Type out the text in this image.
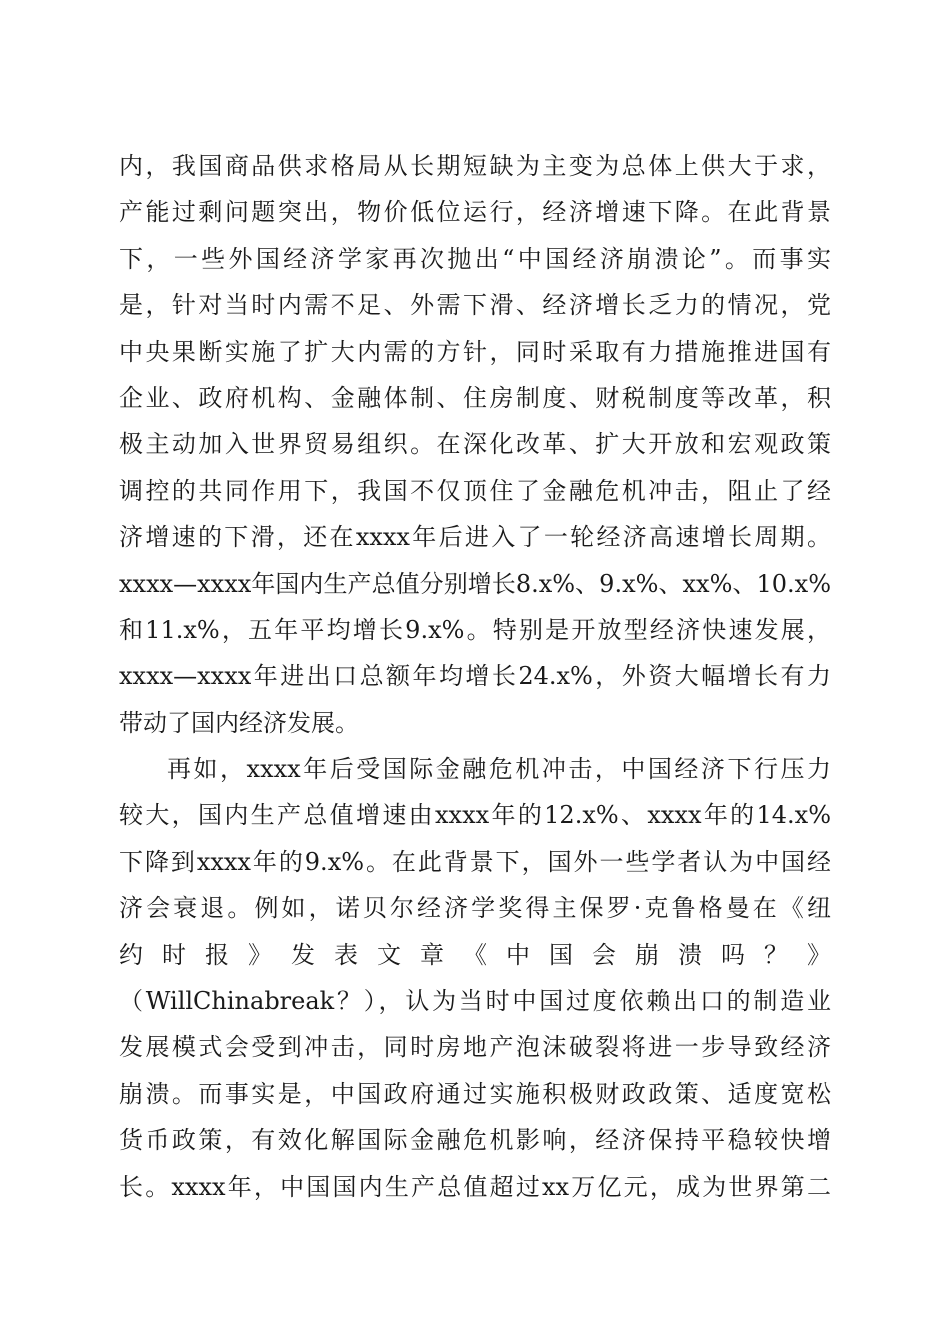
内，我国商品供求格局从长期短缺为主变为总体上供大于求，
产能过剩问题突出，物价低位运行，经济增速下降。在此背景
下，一些外国经济学家再次抛出“中国经济崩溃论”。而事实
是，针对当时内需不足、外需下滑、经济增长乏力的情况，党
中央果断实施了扩大内需的方针，同时采取有力措施推进国有
企业、政府机构、金融体制、住房制度、财税制度等改革，积
极主动加入世界贸易组织。在深化改革、扩大开放和宏观政策
调控的共同作用下，我国不仅顶住了金融危机冲击，阻止了经
济增速的下滑，还在xxxx年后进入了一轮经济高速增长周期。
xxxx—xxxx年国内生产总值分别增长8.x%、9.x%、xx%、10.x%
和11.x%，五年平均增长9.x%。特别是开放型经济快速发展，
xxxx—xxxx年进出口总额年均增长24.x%，外资大幅增长有力
带动了国内经济发展。
再如，xxxx年后受国际金融危机冲击，中国经济下行压力
较大，国内生产总值增速由xxxx年的12.x%、xxxx年的14.x%
下降到xxxx年的9.x%。在此背景下，国外一些学者认为中国经
济会衰退。例如，诺贝尔经济学奖得主保罗·克鲁格曼在《纽
约 时 报 》 发 表 文 章 《 中 国 会 崩 溃 吗 ？ 》
（WillChinabreak？），认为当时中国过度依赖出口的制造业
发展模式会受到冲击，同时房地产泡沫破裂将进一步导致经济
崩溃。而事实是，中国政府通过实施积极财政政策、适度宽松
货币政策，有效化解国际金融危机影响，经济保持平稳较快增
长。xxxx年，中国国内生产总值超过xx万亿元，成为世界第二
